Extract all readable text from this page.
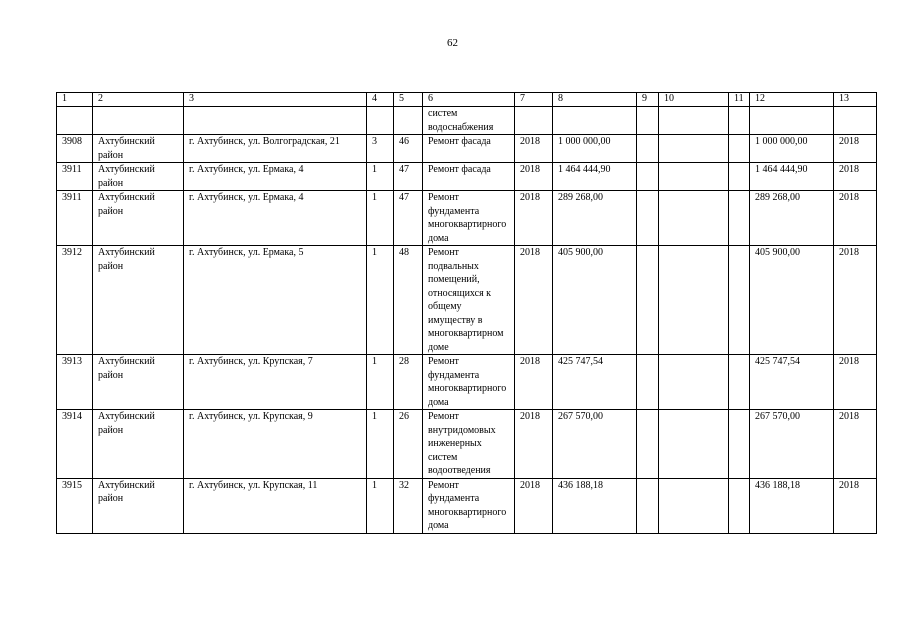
62
1	2	3	4	5	6	7	8	9	10	11	12	13
					систем водоснабжения							
3908	Ахтубинский район	г. Ахтубинск, ул. Волгоградская, 21	3	46	Ремонт фасада	2018	1 000 000,00				1 000 000,00	2018
3911	Ахтубинский район	г. Ахтубинск, ул. Ермака, 4	1	47	Ремонт фасада	2018	1 464 444,90				1 464 444,90	2018
3911	Ахтубинский район	г. Ахтубинск, ул. Ермака, 4	1	47	Ремонт фундамента многоквартирного дома	2018	289 268,00				289 268,00	2018
3912	Ахтубинский район	г. Ахтубинск, ул. Ермака, 5	1	48	Ремонт подвальных помещений, относящихся к общему имуществу в многоквартирном доме	2018	405 900,00				405 900,00	2018
3913	Ахтубинский район	г. Ахтубинск, ул. Крупская, 7	1	28	Ремонт фундамента многоквартирного дома	2018	425 747,54				425 747,54	2018
3914	Ахтубинский район	г. Ахтубинск, ул. Крупская, 9	1	26	Ремонт внутридомовых инженерных систем водоотведения	2018	267 570,00				267 570,00	2018
3915	Ахтубинский район	г. Ахтубинск, ул. Крупская, 11	1	32	Ремонт фундамента многоквартирного дома	2018	436 188,18				436 188,18	2018
